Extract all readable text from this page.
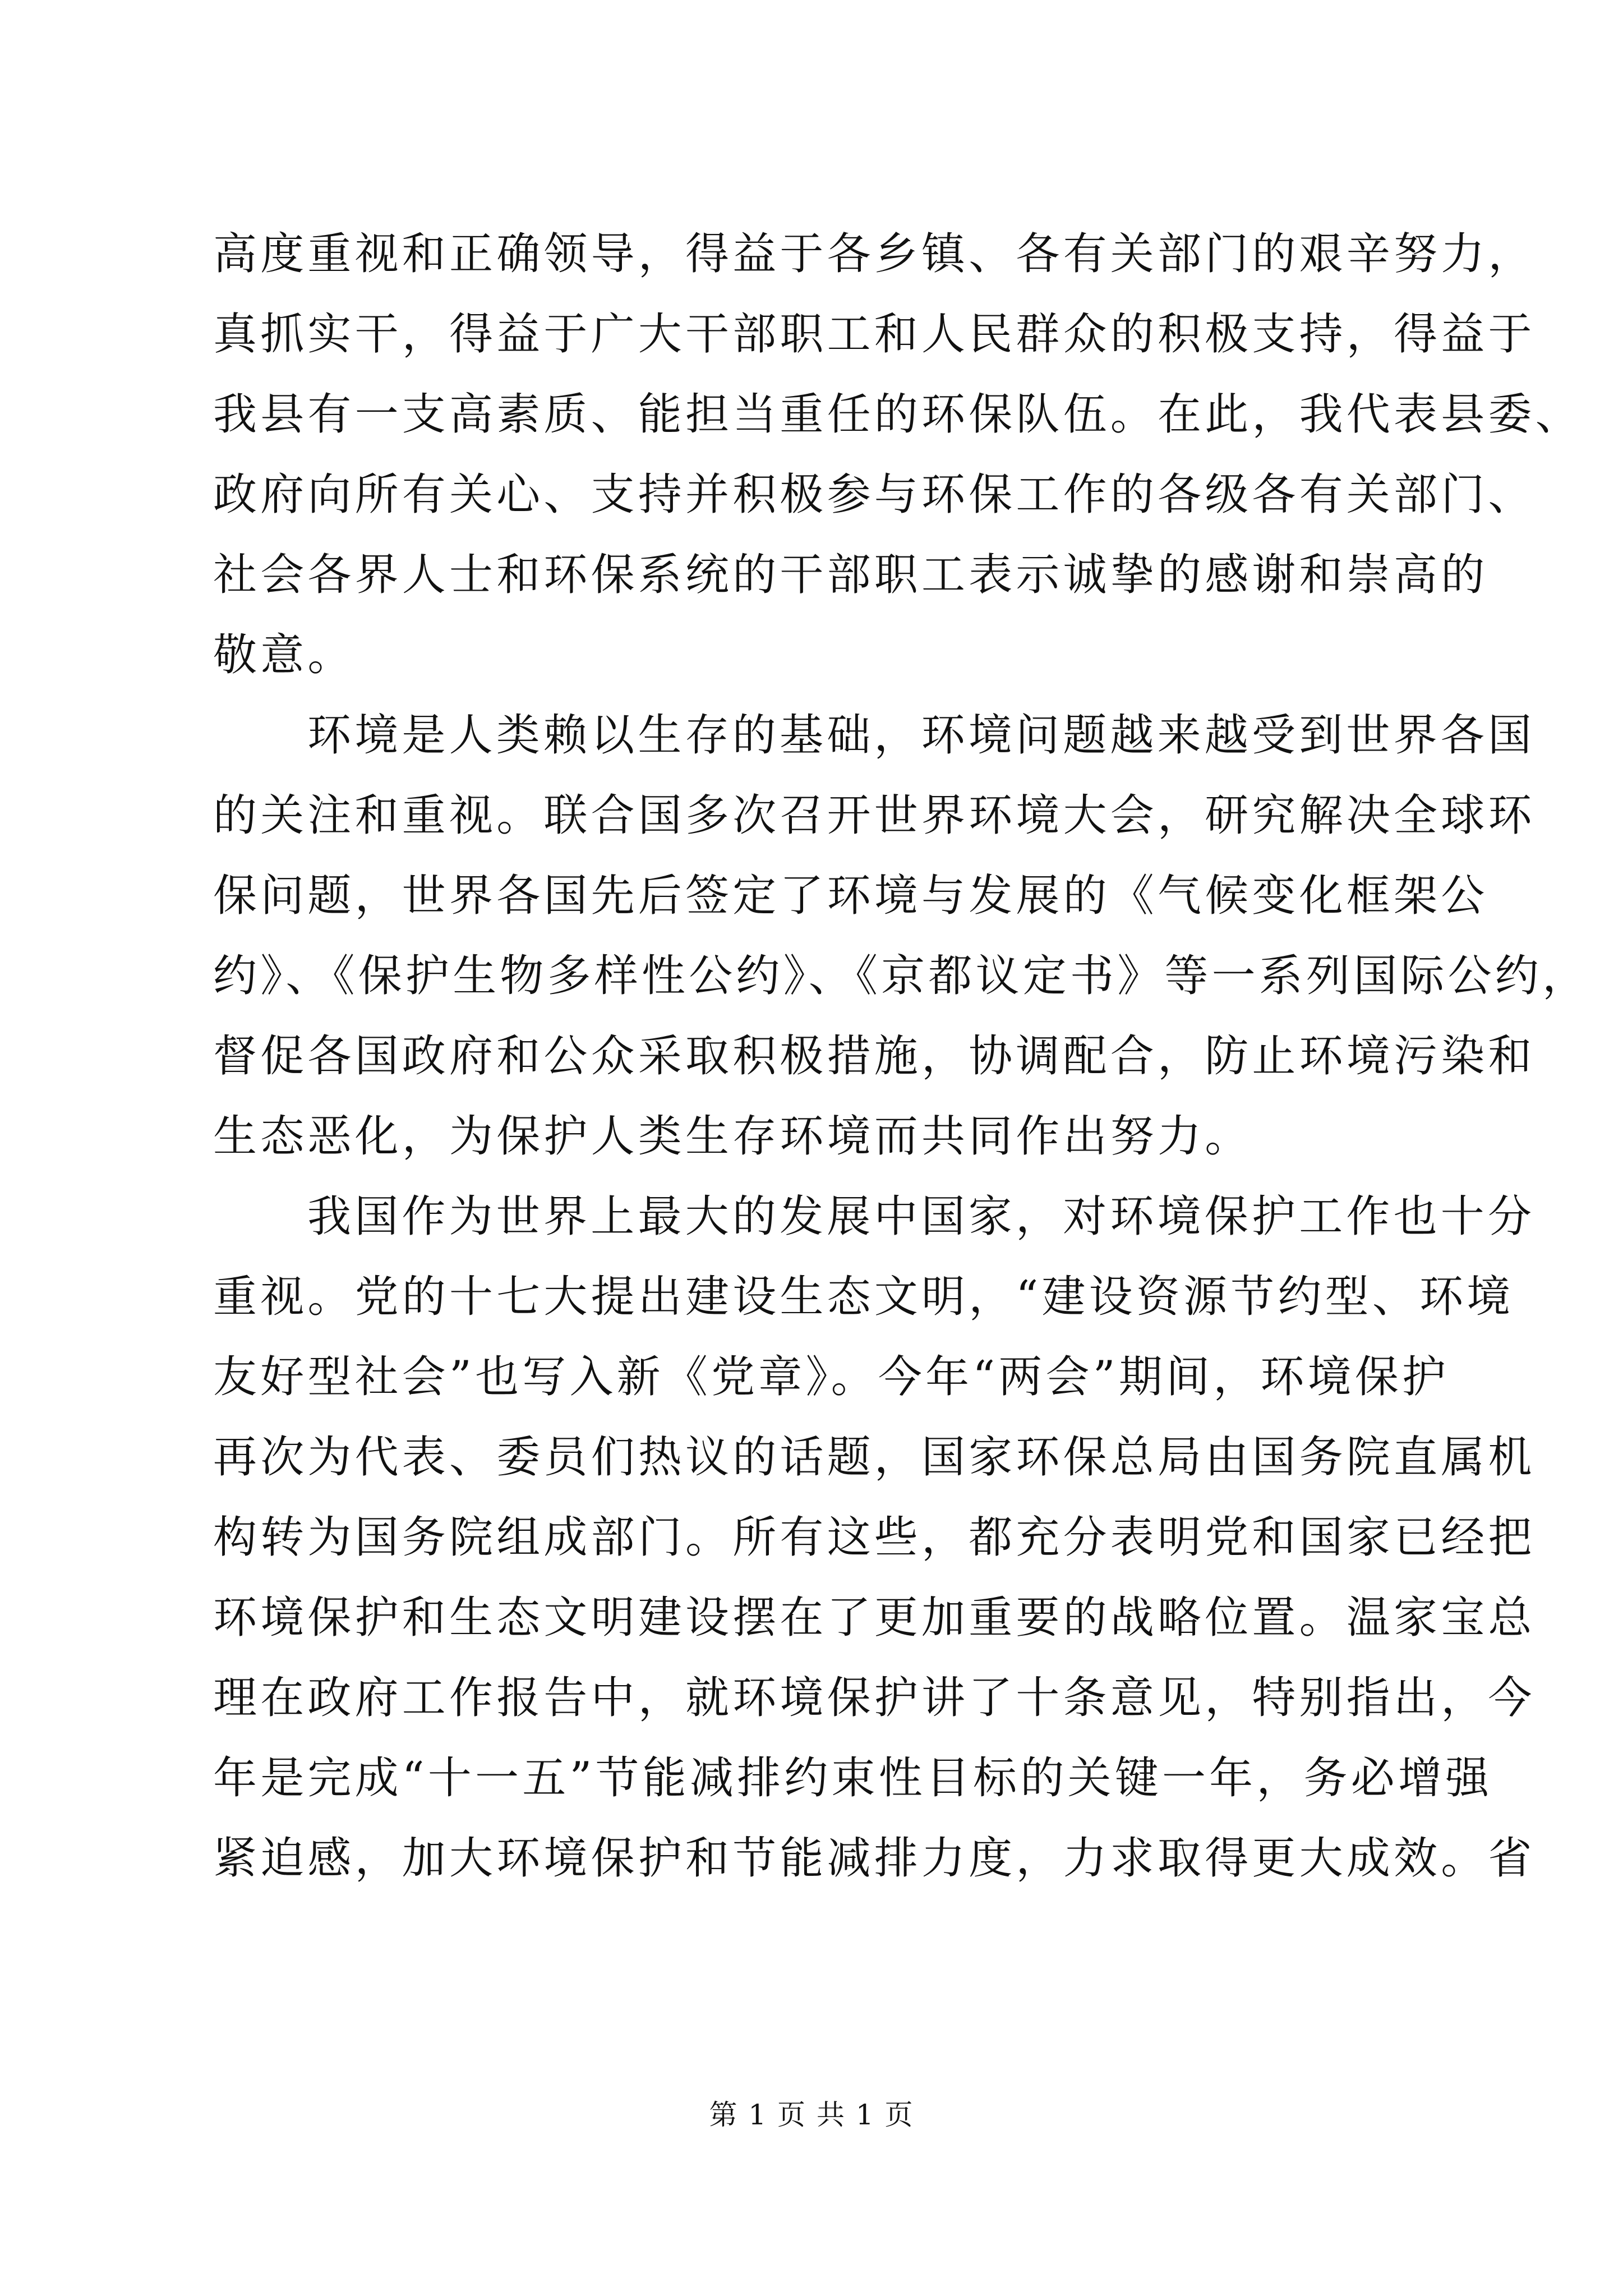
高度重视和正确领导，得益于各乡镇、各有关部门的艰辛努力，
真抓实干，得益于广大干部职工和人民群众的积极支持，得益于
我县有一支高素质、能担当重任的环保队伍。在此，我代表县委、
政府向所有关心、支持并积极参与环保工作的各级各有关部门、
社会各界人士和环保系统的干部职工表示诚挚的感谢和崇高的
敬意。
环境是人类赖以生存的基础，环境问题越来越受到世界各国
的关注和重视。联合国多次召开世界环境大会，研究解决全球环
保问题，世界各国先后签定了环境与发展的《气候变化框架公
约》、《保护生物多样性公约》、《京都议定书》等一系列国际公约，
督促各国政府和公众采取积极措施，协调配合，防止环境污染和
生态恶化，为保护人类生存环境而共同作出努力。
我国作为世界上最大的发展中国家，对环境保护工作也十分
重视。党的十七大提出建设生态文明，“建设资源节约型、环境
友好型社会”也写入新《党章》。今年“两会”期间，环境保护
再次为代表、委员们热议的话题，国家环保总局由国务院直属机
构转为国务院组成部门。所有这些，都充分表明党和国家已经把
环境保护和生态文明建设摆在了更加重要的战略位置。温家宝总
理在政府工作报告中，就环境保护讲了十条意见，特别指出，今
年是完成“十一五”节能减排约束性目标的关键一年，务必增强
紧迫感，加大环境保护和节能减排力度，力求取得更大成效。省
第 1 页 共 1 页
